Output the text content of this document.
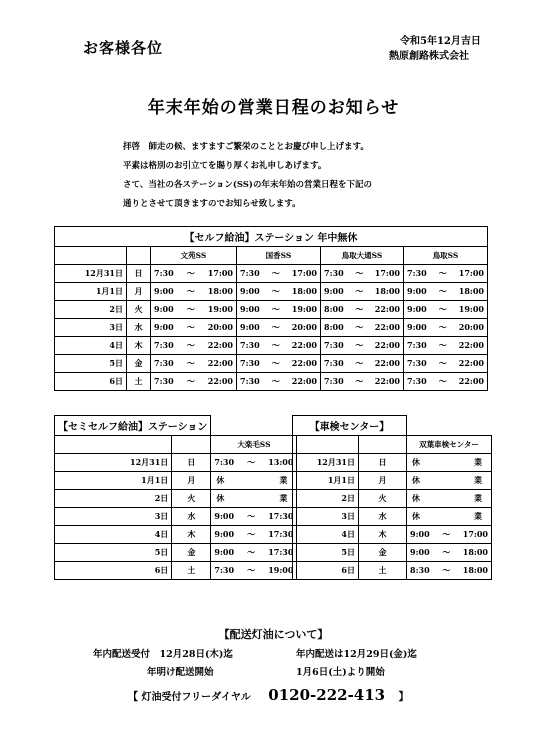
お客様各位	令和5年12月吉日
熱原創路株式会社
年末年始の営業日程のお知らせ
拝啓　師走の候、ますますご繁栄のこととお慶び申し上げます。
平素は格別のお引立てを賜り厚くお礼申しあげます。
さて、当社の各ステーション(SS)の年末年始の営業日程を下記の
通りとさせて頂きますのでお知らせ致します。
【セルフ給油】ステーション 年中無休					
		文苑SS	国香SS	鳥取大通SS	鳥取SS
12月31日	日	7:30 ～ 17:00	7:30 ～ 17:00	7:30 ～ 17:00	7:30 ～ 17:00

1月1日	月	9:00 ～ 18:00	9:00 ～ 18:00	9:00 ～ 18:00	9:00 ～ 18:00

2日	火	9:00 ～ 19:00	9:00 ～ 19:00	8:00 ～ 22:00	9:00 ～ 19:00

3日	水	9:00 ～ 20:00	9:00 ～ 20:00	8:00 ～ 22:00	9:00 ～ 20:00

4日	木	7:30 ～ 22:00	7:30 ～ 22:00	7:30 ～ 22:00	7:30 ～ 22:00

5日	金	7:30 ～ 22:00	7:30 ～ 22:00	7:30 ～ 22:00	7:30 ～ 22:00

6日	土	7:30 ～ 22:00	7:30 ～ 22:00	7:30 ～ 22:00	7:30 ～ 22:00
【セミセルフ給油】ステーション		
		大楽毛SS
12月31日	日	7:30 ～ 13:00

1月1日	月	休 業

2日	火	休 業

3日	水	9:00 ～ 17:30

4日	木	9:00 ～ 17:30

5日	金	9:00 ～ 17:30

6日	土	7:30 ～ 19:00
【車検センター】		
		双葉車検センター
12月31日	日	休 業

1月1日	月	休 業

2日	火	休 業

3日	水	休 業

4日	木	9:00 ～ 17:00

5日	金	9:00 ～ 18:00

6日	土	8:30 ～ 18:00
【配送灯油について】
年内配送受付　12月28日(木)迄	年内配送は12月29日(金)迄
年明け配送開始	1月6日(土)より開始
【 灯油受付フリーダイヤル 0120-222-413 】
